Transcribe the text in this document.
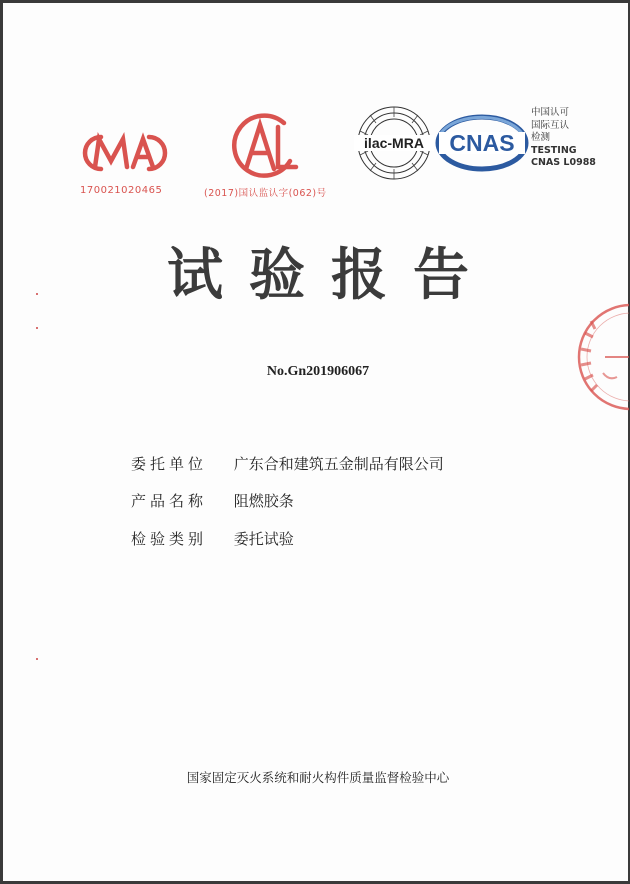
170021020465	(2017)国认监认字(062)号
ilac-MRA CNAS
中国认可
国际互认
检测
TESTING
CNAS L0988
试验报告
No.Gn201906067
委托单位 广东合和建筑五金制品有限公司
产品名称 阻燃胶条
检验类别 委托试验
国家固定灭火系统和耐火构件质量监督检验中心
